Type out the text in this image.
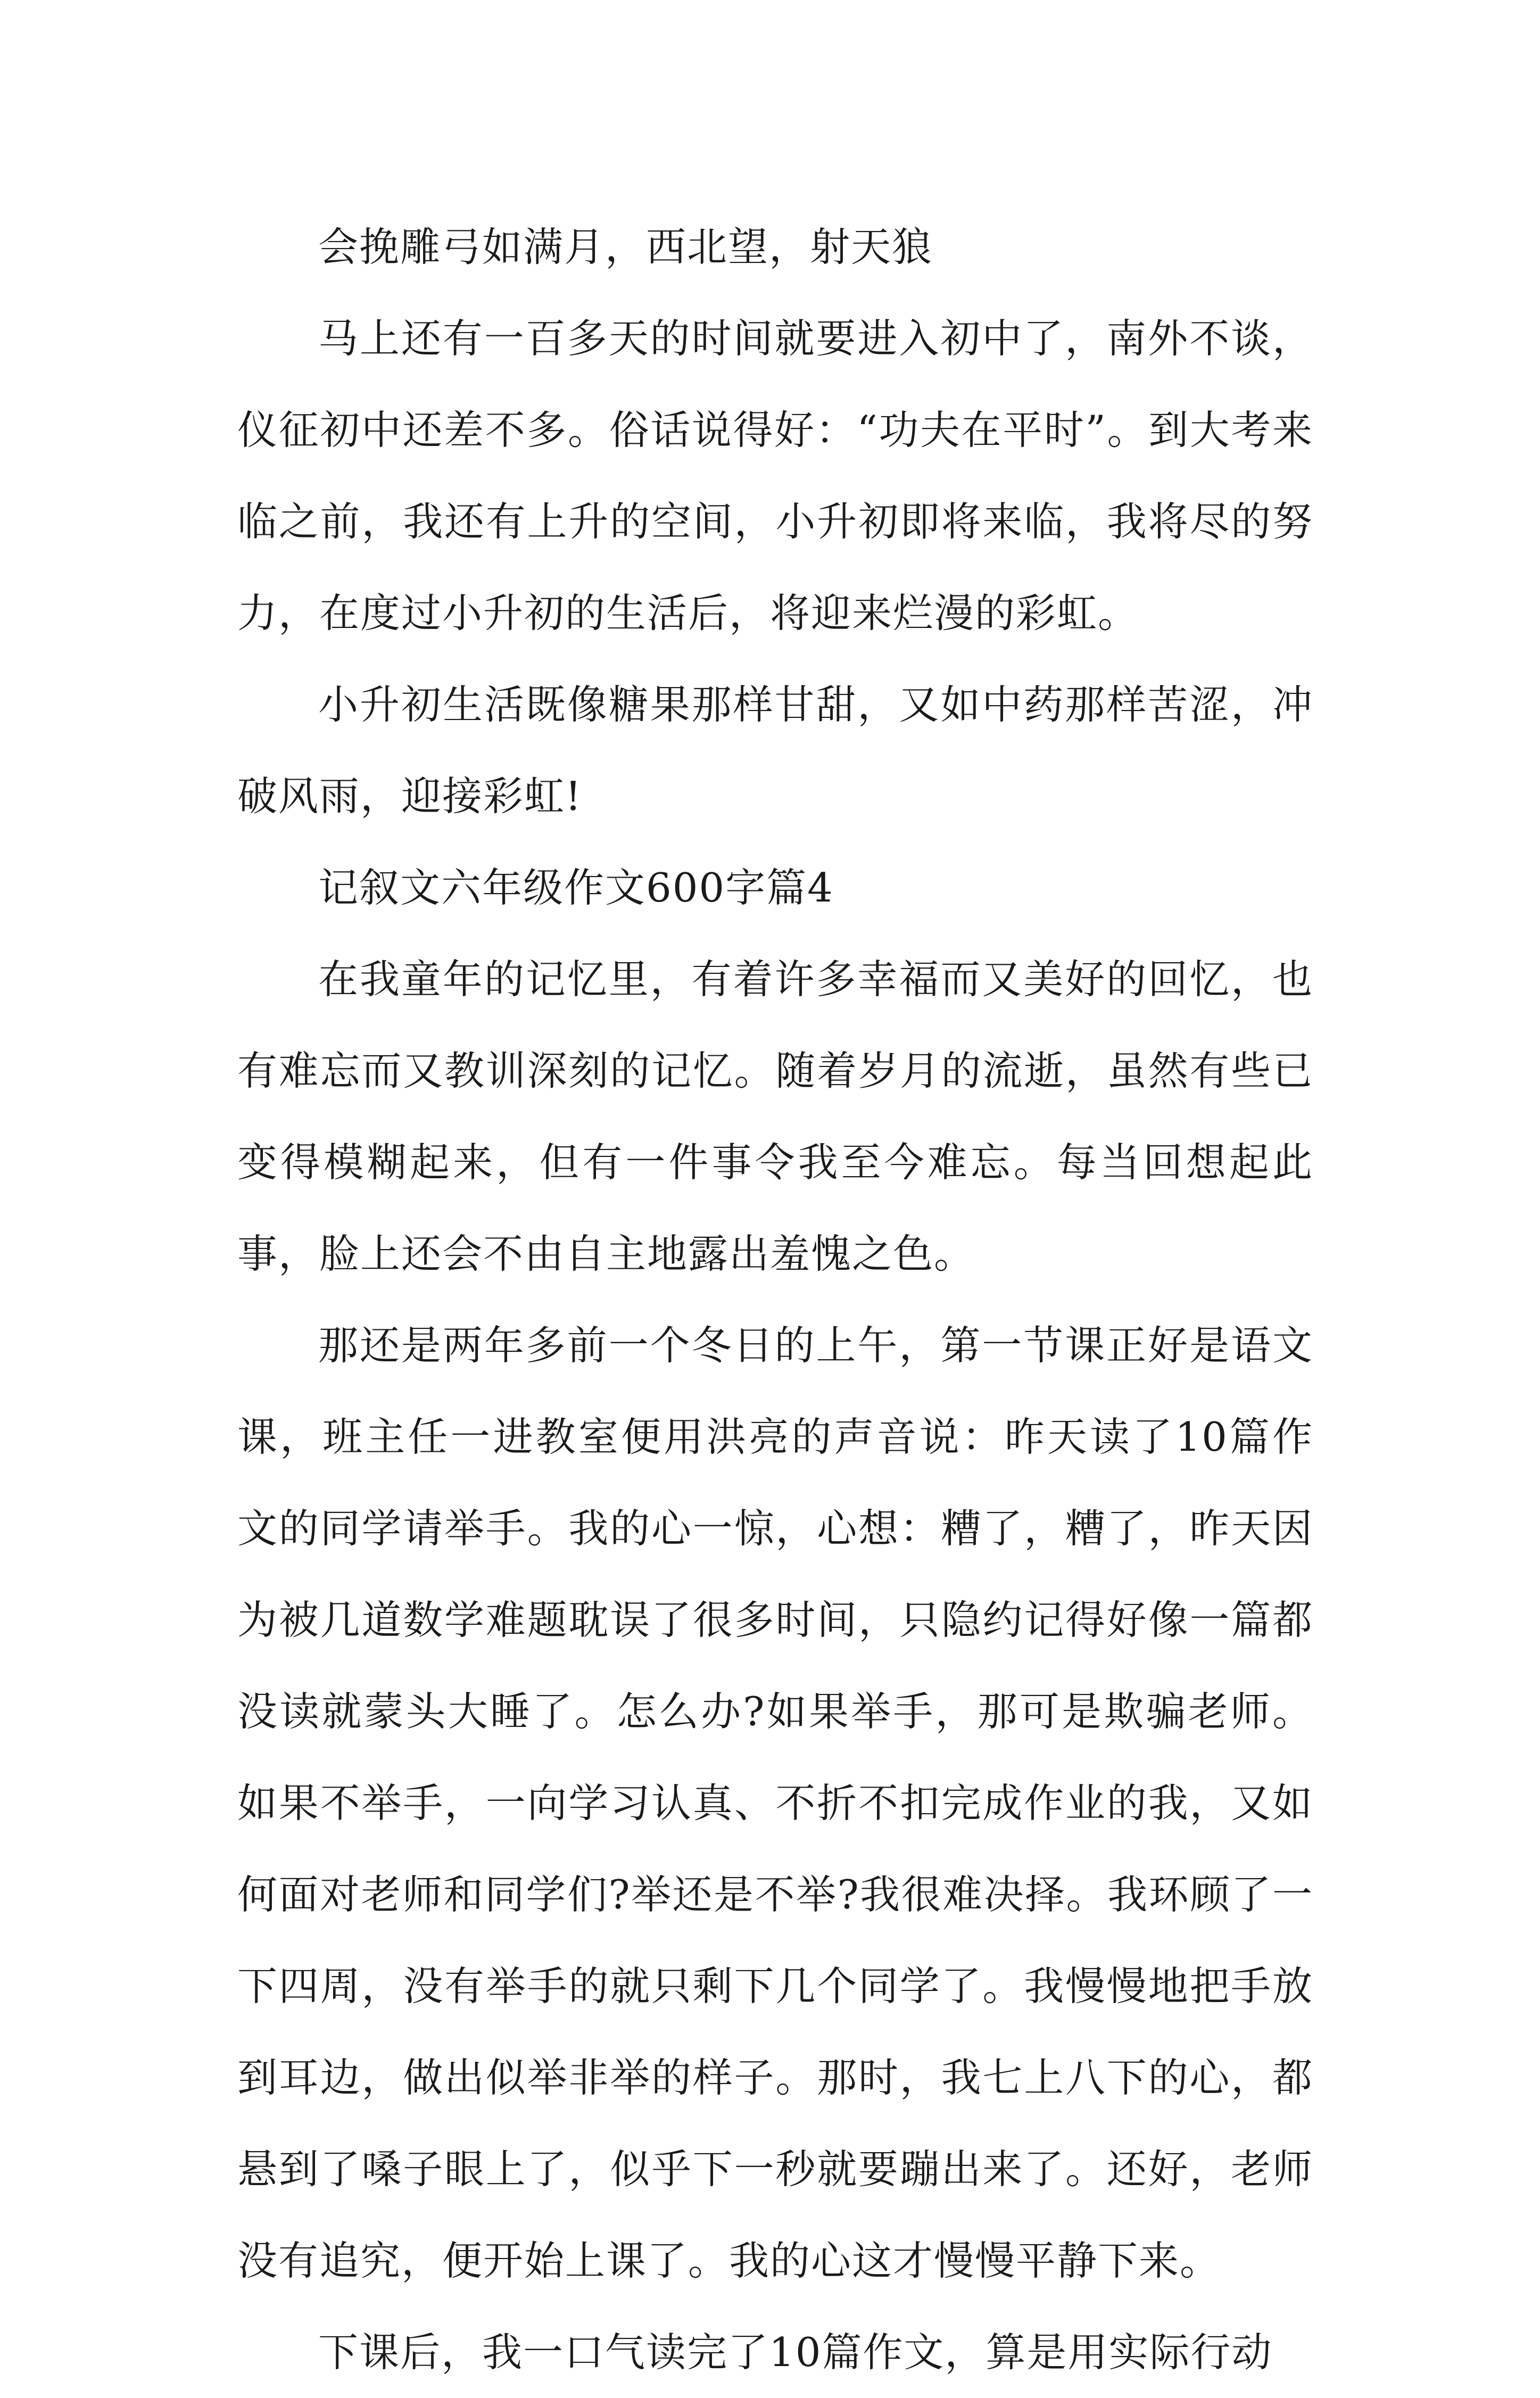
会挽雕弓如满月，西北望，射天狼

马上还有一百多天的时间就要进入初中了，南外不谈，仪征初中还差不多。俗话说得好：“功夫在平时”。到大考来临之前，我还有上升的空间，小升初即将来临，我将尽的努力，在度过小升初的生活后，将迎来烂漫的彩虹。

小升初生活既像糖果那样甘甜，又如中药那样苦涩，冲破风雨，迎接彩虹!

记叙文六年级作文600字篇4

在我童年的记忆里，有着许多幸福而又美好的回忆，也有难忘而又教训深刻的记忆。随着岁月的流逝，虽然有些已变得模糊起来，但有一件事令我至今难忘。每当回想起此事，脸上还会不由自主地露出羞愧之色。

那还是两年多前一个冬日的上午，第一节课正好是语文课，班主任一进教室便用洪亮的声音说：昨天读了10篇作文的同学请举手。我的心一惊，心想：糟了，糟了，昨天因为被几道数学难题耽误了很多时间，只隐约记得好像一篇都没读就蒙头大睡了。怎么办?如果举手，那可是欺骗老师。如果不举手，一向学习认真、不折不扣完成作业的我，又如何面对老师和同学们?举还是不举?我很难决择。我环顾了一下四周，没有举手的就只剩下几个同学了。我慢慢地把手放到耳边，做出似举非举的样子。那时，我七上八下的心，都悬到了嗓子眼上了，似乎下一秒就要蹦出来了。还好，老师没有追究，便开始上课了。我的心这才慢慢平静下来。

下课后，我一口气读完了10篇作文，算是用实际行动
